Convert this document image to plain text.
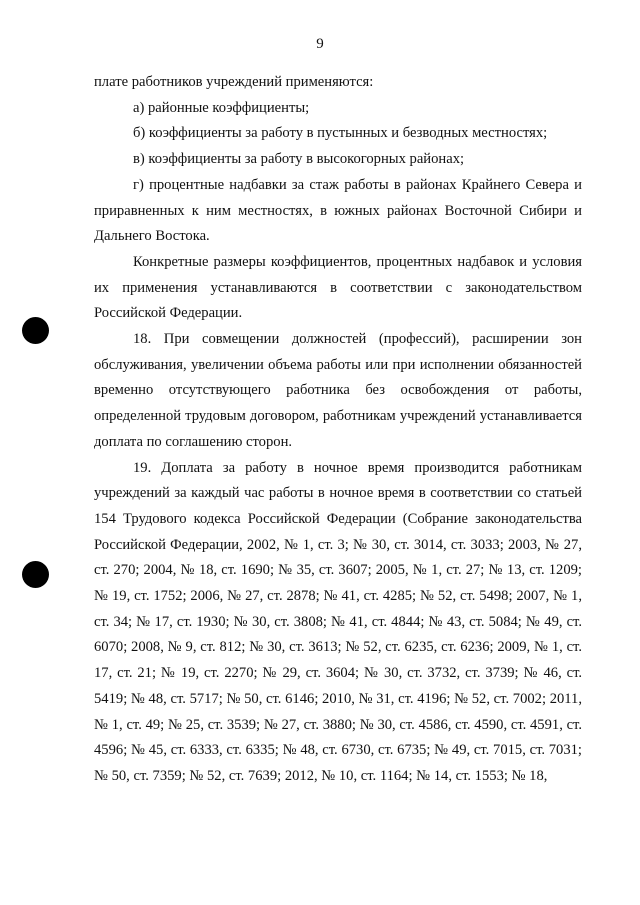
9

плате работников учреждений применяются:

а) районные коэффициенты;

б) коэффициенты за работу в пустынных и безводных местностях;

в) коэффициенты за работу в высокогорных районах;

г) процентные надбавки за стаж работы в районах Крайнего Севера и приравненных к ним местностях, в южных районах Восточной Сибири и Дальнего Востока.

Конкретные размеры коэффициентов, процентных надбавок и условия их применения устанавливаются в соответствии с законодательством Российской Федерации.

18. При совмещении должностей (профессий), расширении зон обслуживания, увеличении объема работы или при исполнении обязанностей временно отсутствующего работника без освобождения от работы, определенной трудовым договором, работникам учреждений устанавливается доплата по соглашению сторон.

19. Доплата за работу в ночное время производится работникам учреждений за каждый час работы в ночное время в соответствии со статьей 154 Трудового кодекса Российской Федерации (Собрание законодательства Российской Федерации, 2002, № 1, ст. 3; № 30, ст. 3014, ст. 3033; 2003, № 27, ст. 270; 2004, № 18, ст. 1690; № 35, ст. 3607; 2005, № 1, ст. 27; № 13, ст. 1209; № 19, ст. 1752; 2006, № 27, ст. 2878; № 41, ст. 4285; № 52, ст. 5498; 2007, № 1, ст. 34; № 17, ст. 1930; № 30, ст. 3808; № 41, ст. 4844; № 43, ст. 5084; № 49, ст. 6070; 2008, № 9, ст. 812; № 30, ст. 3613; № 52, ст. 6235, ст. 6236; 2009, № 1, ст. 17, ст. 21; № 19, ст. 2270; № 29, ст. 3604; № 30, ст. 3732, ст. 3739; № 46, ст. 5419; № 48, ст. 5717; № 50, ст. 6146; 2010, № 31, ст. 4196; № 52, ст. 7002; 2011, № 1, ст. 49; № 25, ст. 3539; № 27, ст. 3880; № 30, ст. 4586, ст. 4590, ст. 4591, ст. 4596; № 45, ст. 6333, ст. 6335; № 48, ст. 6730, ст. 6735; № 49, ст. 7015, ст. 7031; № 50, ст. 7359; № 52, ст. 7639; 2012, № 10, ст. 1164; № 14, ст. 1553; № 18,
